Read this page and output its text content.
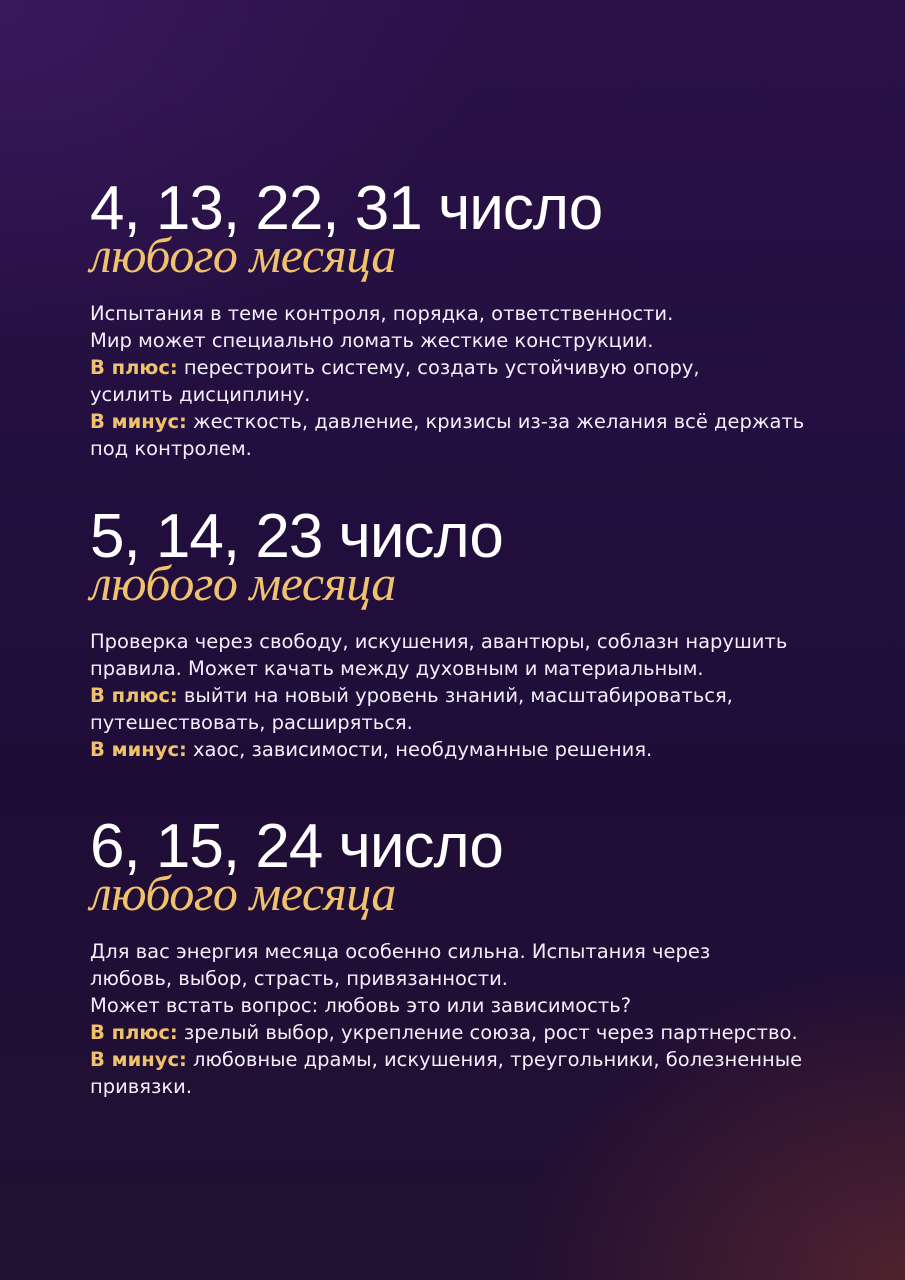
4, 13, 22, 31 число
любого месяца

Испытания в теме контроля, порядка, ответственности.

Мир может специально ломать жесткие конструкции.

В плюс: перестроить систему, создать устойчивую опору,

усилить дисциплину.

В минус: жесткость, давление, кризисы из-за желания всё держать

под контролем.

5, 14, 23 число
любого месяца

Проверка через свободу, искушения, авантюры, соблазн нарушить

правила. Может качать между духовным и материальным.

В плюс: выйти на новый уровень знаний, масштабироваться,

путешествовать, расширяться.

В минус: хаос, зависимости, необдуманные решения.

6, 15, 24 число
любого месяца

Для вас энергия месяца особенно сильна. Испытания через

любовь, выбор, страсть, привязанности.

Может встать вопрос: любовь это или зависимость?

В плюс: зрелый выбор, укрепление союза, рост через партнерство.

В минус: любовные драмы, искушения, треугольники, болезненные

привязки.
